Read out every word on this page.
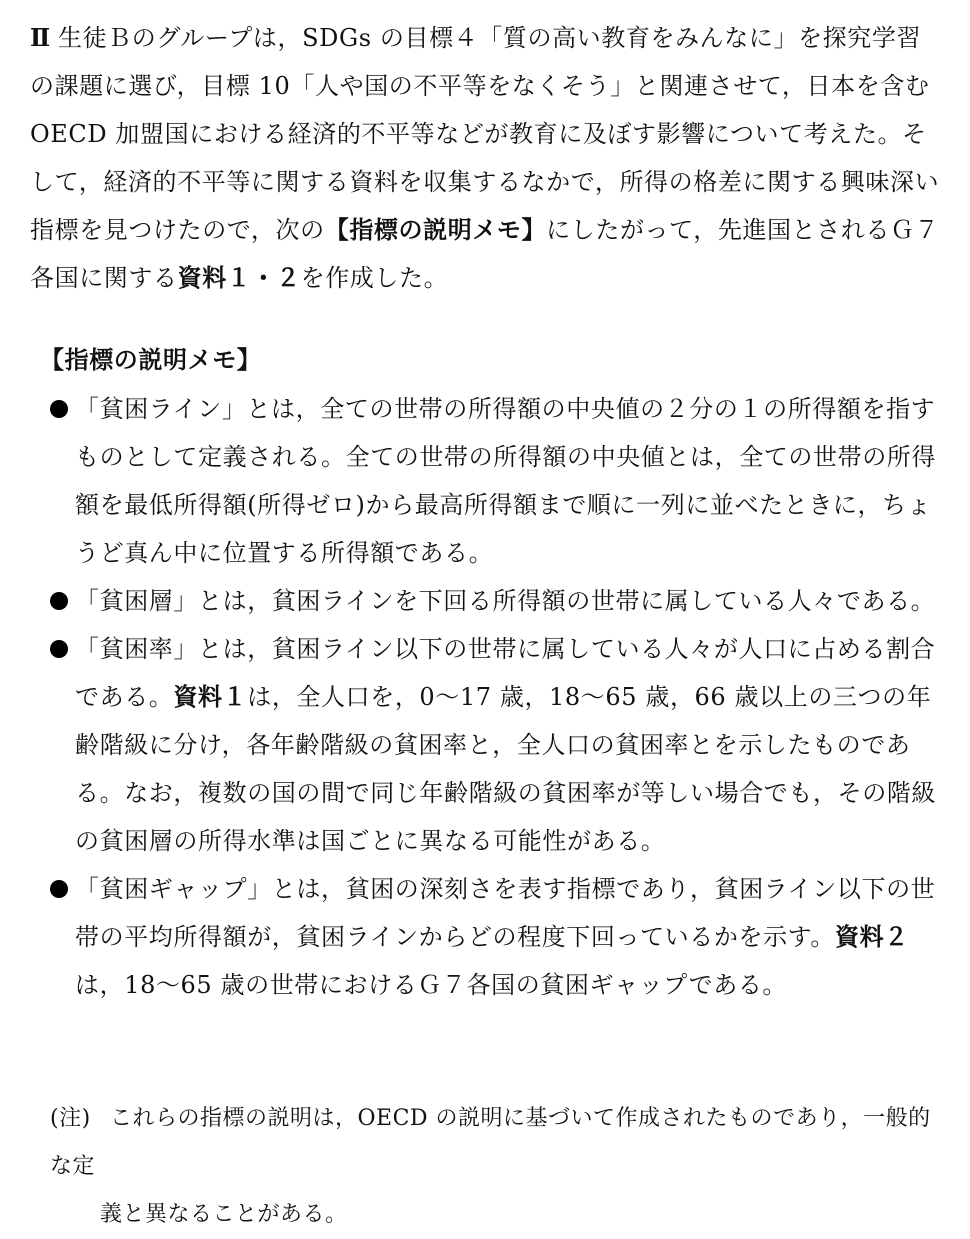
Ⅱ 生徒Ｂのグループは，SDGs の目標４「質の高い教育をみんなに」を探究学習の課題に選び，目標 10「人や国の不平等をなくそう」と関連させて，日本を含む OECD 加盟国における経済的不平等などが教育に及ぼす影響について考えた。そして，経済的不平等に関する資料を収集するなかで，所得の格差に関する興味深い指標を見つけたので，次の【指標の説明メモ】にしたがって，先進国とされるＧ７各国に関する資料１・２を作成した。
【指標の説明メモ】
「貧困ライン」とは，全ての世帯の所得額の中央値の２分の１の所得額を指すものとして定義される。全ての世帯の所得額の中央値とは，全ての世帯の所得額を最低所得額(所得ゼロ)から最高所得額まで順に一列に並べたときに，ちょうど真ん中に位置する所得額である。
「貧困層」とは，貧困ラインを下回る所得額の世帯に属している人々である。
「貧困率」とは，貧困ライン以下の世帯に属している人々が人口に占める割合である。資料１は，全人口を，0～17 歳，18～65 歳，66 歳以上の三つの年齢階級に分け，各年齢階級の貧困率と，全人口の貧困率とを示したものである。なお，複数の国の間で同じ年齢階級の貧困率が等しい場合でも，その階級の貧困層の所得水準は国ごとに異なる可能性がある。
「貧困ギャップ」とは，貧困の深刻さを表す指標であり，貧困ライン以下の世帯の平均所得額が，貧困ラインからどの程度下回っているかを示す。資料２は，18～65 歳の世帯におけるＧ７各国の貧困ギャップである。
(注) これらの指標の説明は，OECD の説明に基づいて作成されたものであり，一般的な定
義と異なることがある。
